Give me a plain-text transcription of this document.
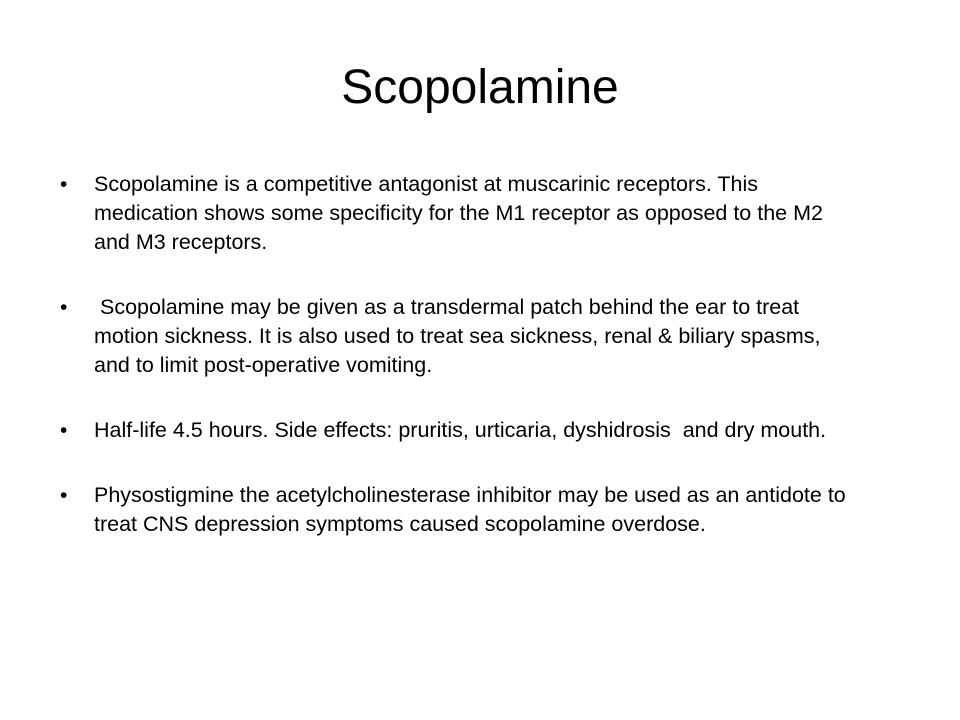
Scopolamine
•	Scopolamine is a competitive antagonist at muscarinic receptors. This medication shows some specificity for the M1 receptor as opposed to the M2 and M3 receptors.
•	Scopolamine may be given as a transdermal patch behind the ear to treat motion sickness. It is also used to treat sea sickness, renal & biliary spasms, and to limit post-operative vomiting.
•	Half-life 4.5 hours. Side effects: pruritis, urticaria, dyshidrosis  and dry mouth.
•	Physostigmine the acetylcholinesterase inhibitor may be used as an antidote to treat CNS depression symptoms caused scopolamine overdose.
